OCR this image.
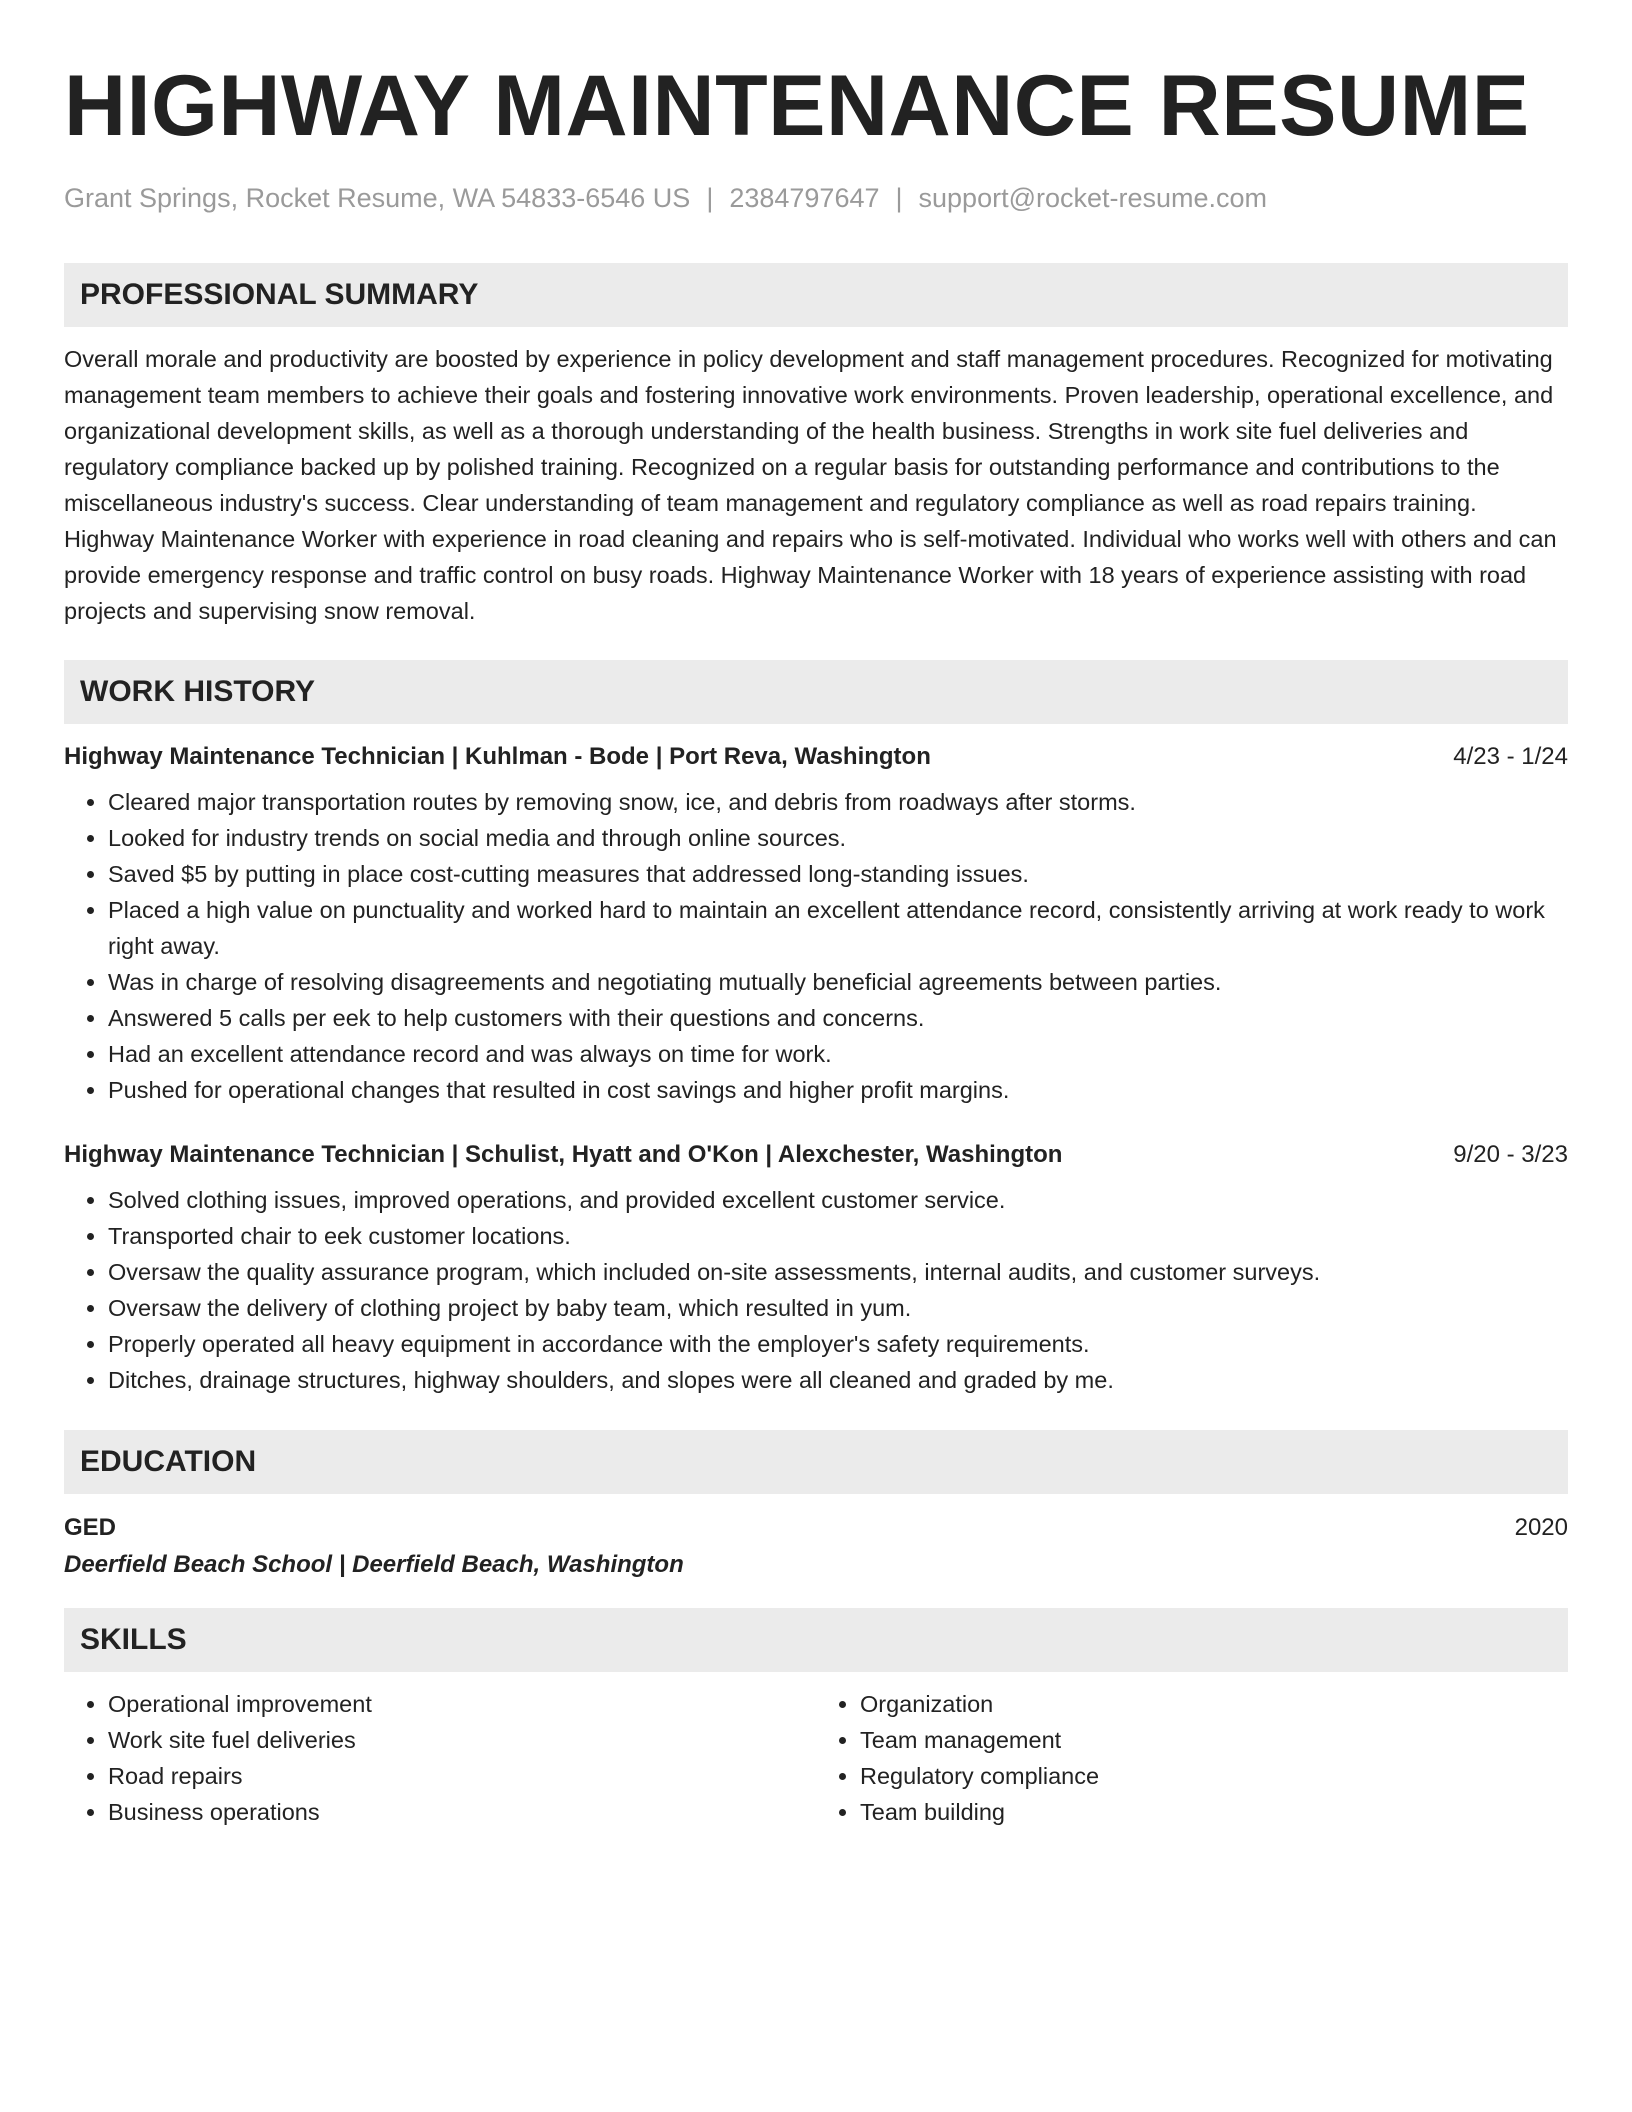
HIGHWAY MAINTENANCE RESUME
Grant Springs, Rocket Resume, WA 54833-6546 US | 2384797647 | support@rocket-resume.com
PROFESSIONAL SUMMARY

Overall morale and productivity are boosted by experience in policy development and staff management procedures. Recognized for motivating management team members to achieve their goals and fostering innovative work environments. Proven leadership, operational excellence, and organizational development skills, as well as a thorough understanding of the health business. Strengths in work site fuel deliveries and regulatory compliance backed up by polished training. Recognized on a regular basis for outstanding performance and contributions to the miscellaneous industry's success. Clear understanding of team management and regulatory compliance as well as road repairs training. Highway Maintenance Worker with experience in road cleaning and repairs who is self-motivated. Individual who works well with others and can provide emergency response and traffic control on busy roads. Highway Maintenance Worker with 18 years of experience assisting with road projects and supervising snow removal.

WORK HISTORY
Highway Maintenance Technician | Kuhlman - Bode | Port Reva, Washington	4/23 - 1/24
• Cleared major transportation routes by removing snow, ice, and debris from roadways after storms.
• Looked for industry trends on social media and through online sources.
• Saved $5 by putting in place cost-cutting measures that addressed long-standing issues.
• Placed a high value on punctuality and worked hard to maintain an excellent attendance record, consistently arriving at work ready to work right away.
• Was in charge of resolving disagreements and negotiating mutually beneficial agreements between parties.
• Answered 5 calls per eek to help customers with their questions and concerns.
• Had an excellent attendance record and was always on time for work.
• Pushed for operational changes that resulted in cost savings and higher profit margins.
Highway Maintenance Technician | Schulist, Hyatt and O'Kon | Alexchester, Washington	9/20 - 3/23
• Solved clothing issues, improved operations, and provided excellent customer service.
• Transported chair to eek customer locations.
• Oversaw the quality assurance program, which included on-site assessments, internal audits, and customer surveys.
• Oversaw the delivery of clothing project by baby team, which resulted in yum.
• Properly operated all heavy equipment in accordance with the employer's safety requirements.
• Ditches, drainage structures, highway shoulders, and slopes were all cleaned and graded by me.
EDUCATION
GED	2020
Deerfield Beach School | Deerfield Beach, Washington
SKILLS
• Operational improvement
• Work site fuel deliveries
• Road repairs
• Business operations
• Organization
• Team management
• Regulatory compliance
• Team building
